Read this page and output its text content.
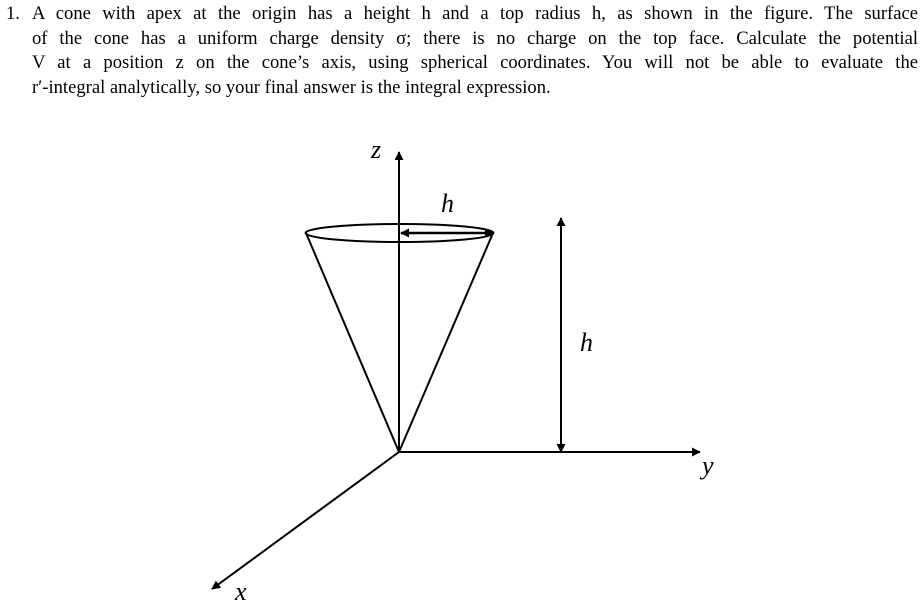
1. A cone with apex at the origin has a height h and a top radius h, as shown in the figure. The surface
of the cone has a uniform charge density σ; there is no charge on the top face. Calculate the potential
V at a position z on the cone’s axis, using spherical coordinates. You will not be able to evaluate the
r′-integral analytically, so your final answer is the integral expression.
z
y
x
h
h
